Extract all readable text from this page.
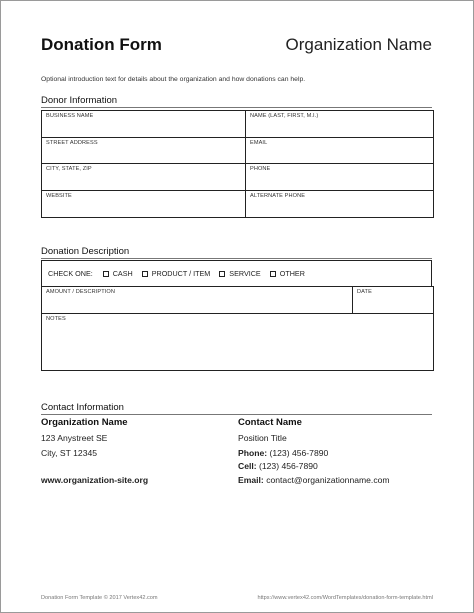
Donation Form	Organization Name
Optional introduction text for details about the organization and how donations can help.
Donor Information
BUSINESS NAME	NAME (LAST, FIRST, M.I.)
STREET ADDRESS	EMAIL
CITY, STATE, ZIP	PHONE
WEBSITE	ALTERNATE PHONE
Donation Description
CHECK ONE:	CASH	PRODUCT / ITEM	SERVICE	OTHER
AMOUNT / DESCRIPTION	DATE
NOTES
Contact Information
Organization Name
123 Anystreet SE
City, ST 12345
www.organization-site.org
Contact Name
Position Title
Phone: (123) 456-7890
Cell: (123) 456-7890
Email: contact@organizationname.com
Donation Form Template © 2017 Vertex42.com	https://www.vertex42.com/WordTemplates/donation-form-template.html
